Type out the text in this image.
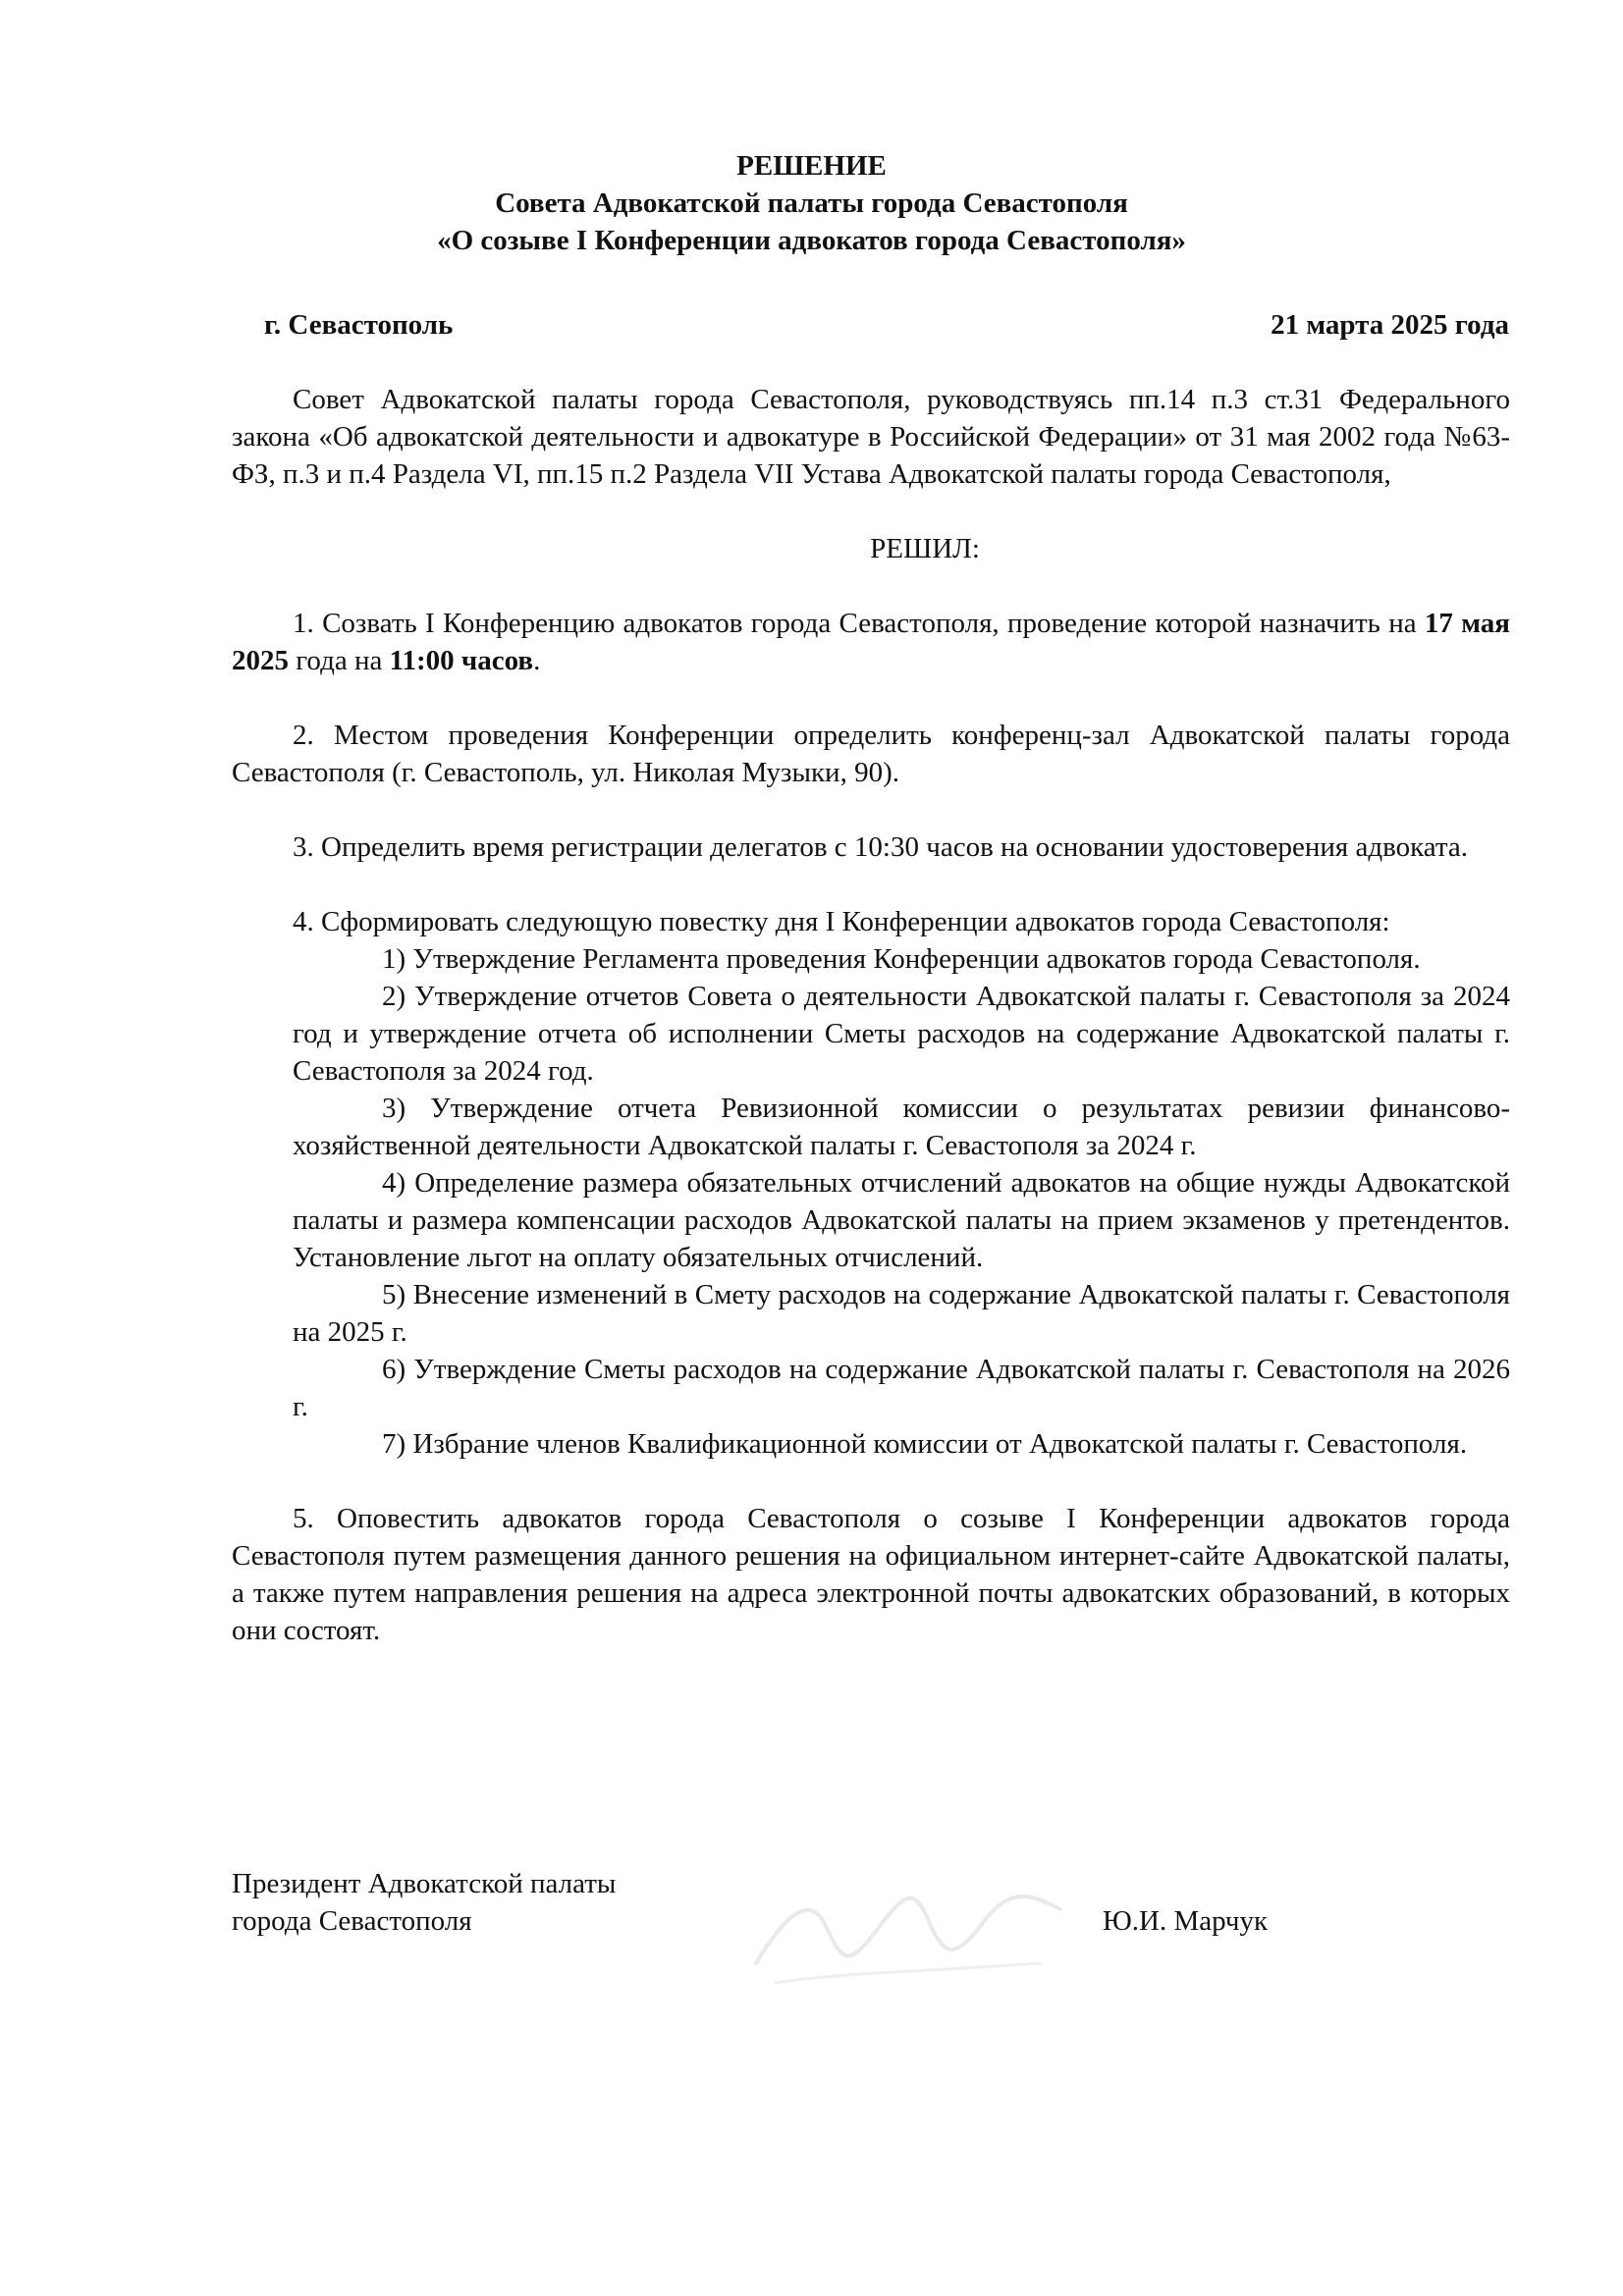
РЕШЕНИЕ
Совета Адвокатской палаты города Севастополя
«О созыве I Конференции адвокатов города Севастополя»
г. Севастополь	21 марта 2025 года

Совет Адвокатской палаты города Севастополя, руководствуясь пп.14 п.3 ст.31 Федерального закона «Об адвокатской деятельности и адвокатуре в Российской Федерации» от 31 мая 2002 года №63-ФЗ, п.3 и п.4 Раздела VI, пп.15 п.2 Раздела VII Устава Адвокатской палаты города Севастополя,

РЕШИЛ:

1. Созвать I Конференцию адвокатов города Севастополя, проведение которой назначить на 17 мая 2025 года на 11:00 часов.

2. Местом проведения Конференции определить конференц-зал Адвокатской палаты города Севастополя (г. Севастополь, ул. Николая Музыки, 90).

3. Определить время регистрации делегатов с 10:30 часов на основании удостоверения адвоката.

4. Сформировать следующую повестку дня I Конференции адвокатов города Севастополя:

1) Утверждение Регламента проведения Конференции адвокатов города Севастополя.

2) Утверждение отчетов Совета о деятельности Адвокатской палаты г. Севастополя за 2024 год и утверждение отчета об исполнении Сметы расходов на содержание Адвокатской палаты г. Севастополя за 2024 год.

3) Утверждение отчета Ревизионной комиссии о результатах ревизии финансово-хозяйственной деятельности Адвокатской палаты г. Севастополя за 2024 г.

4) Определение размера обязательных отчислений адвокатов на общие нужды Адвокатской палаты и размера компенсации расходов Адвокатской палаты на прием экзаменов у претендентов. Установление льгот на оплату обязательных отчислений.

5) Внесение изменений в Смету расходов на содержание Адвокатской палаты г. Севастополя на 2025 г.

6) Утверждение Сметы расходов на содержание Адвокатской палаты г. Севастополя на 2026 г.

7) Избрание членов Квалификационной комиссии от Адвокатской палаты г. Севастополя.

5. Оповестить адвокатов города Севастополя о созыве I Конференции адвокатов города Севастополя путем размещения данного решения на официальном интернет-сайте Адвокатской палаты, а также путем направления решения на адреса электронной почты адвокатских образований, в которых они состоят.

Президент Адвокатской палаты
города Севастополя	Ю.И. Марчук
